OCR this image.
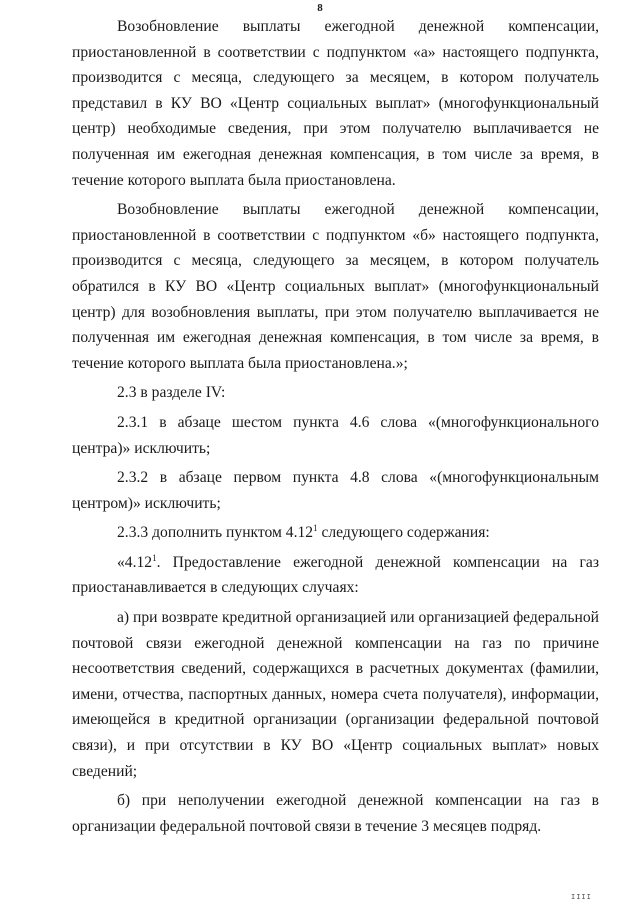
8

Возобновление выплаты ежегодной денежной компенсации, приостановленной в соответствии с подпунктом «а» настоящего подпункта, производится с месяца, следующего за месяцем, в котором получатель представил в КУ ВО «Центр социальных выплат» (многофункциональный центр) необходимые сведения, при этом получателю выплачивается не полученная им ежегодная денежная компенсация, в том числе за время, в течение которого выплата была приостановлена.

Возобновление выплаты ежегодной денежной компенсации, приостановленной в соответствии с подпунктом «б» настоящего подпункта, производится с месяца, следующего за месяцем, в котором получатель обратился в КУ ВО «Центр социальных выплат» (многофункциональный центр) для возобновления выплаты, при этом получателю выплачивается не полученная им ежегодная денежная компенсация, в том числе за время, в течение которого выплата была приостановлена.»;

2.3 в разделе IV:

2.3.1 в абзаце шестом пункта 4.6 слова «(многофункционального центра)» исключить;

2.3.2 в абзаце первом пункта 4.8 слова «(многофункциональным центром)» исключить;

2.3.3 дополнить пунктом 4.12$^1$ следующего содержания:

«4.12$^1$. Предоставление ежегодной денежной компенсации на газ приостанавливается в следующих случаях:

а) при возврате кредитной организацией или организацией федеральной почтовой связи ежегодной денежной компенсации на газ по причине несоответствия сведений, содержащихся в расчетных документах (фамилии, имени, отчества, паспортных данных, номера счета получателя), информации, имеющейся в кредитной организации (организации федеральной почтовой связи), и при отсутствии в КУ ВО «Центр социальных выплат» новых сведений;

б) при неполучении ежегодной денежной компенсации на газ в организации федеральной почтовой связи в течение 3 месяцев подряд.

ІІІІ
